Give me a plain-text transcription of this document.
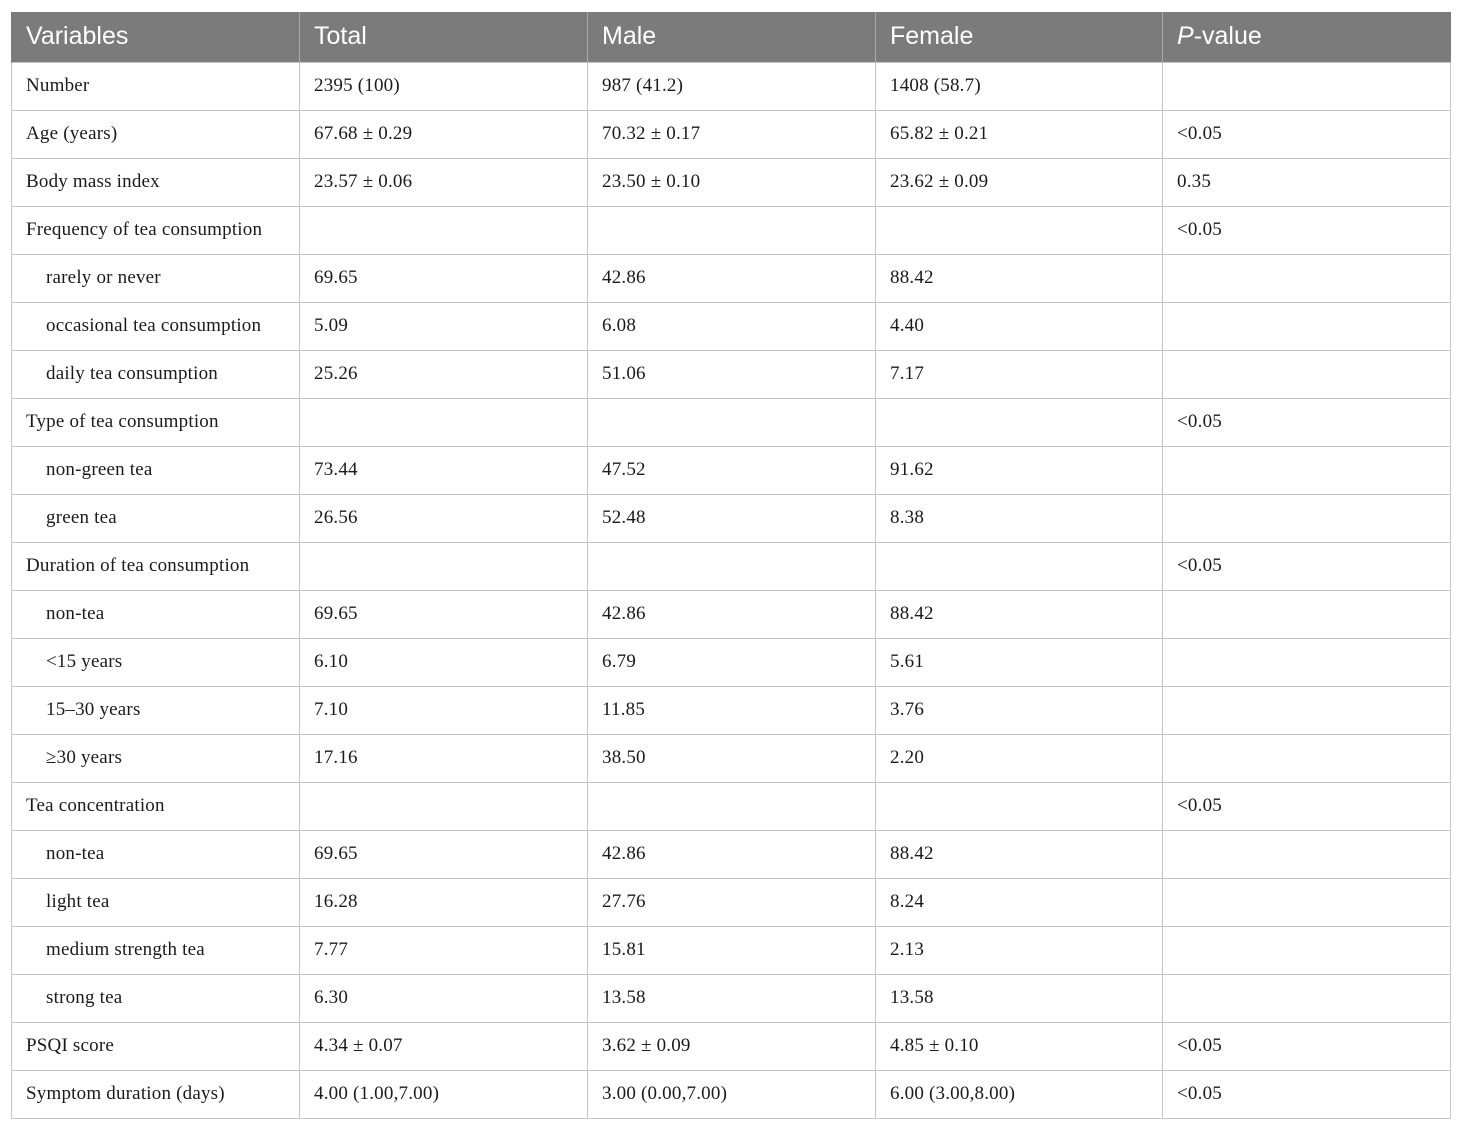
Variables	Total	Male	Female	P-value
Number	2395 (100)	987 (41.2)	1408 (58.7)	
Age (years)	67.68 ± 0.29	70.32 ± 0.17	65.82 ± 0.21	<0.05
Body mass index	23.57 ± 0.06	23.50 ± 0.10	23.62 ± 0.09	0.35
Frequency of tea consumption				<0.05
rarely or never	69.65	42.86	88.42	
occasional tea consumption	5.09	6.08	4.40	
daily tea consumption	25.26	51.06	7.17	
Type of tea consumption				<0.05
non-green tea	73.44	47.52	91.62	
green tea	26.56	52.48	8.38	
Duration of tea consumption				<0.05
non-tea	69.65	42.86	88.42	
<15 years	6.10	6.79	5.61	
15–30 years	7.10	11.85	3.76	
≥30 years	17.16	38.50	2.20	
Tea concentration				<0.05
non-tea	69.65	42.86	88.42	
light tea	16.28	27.76	8.24	
medium strength tea	7.77	15.81	2.13	
strong tea	6.30	13.58	13.58	
PSQI score	4.34 ± 0.07	3.62 ± 0.09	4.85 ± 0.10	<0.05
Symptom duration (days)	4.00 (1.00,7.00)	3.00 (0.00,7.00)	6.00 (3.00,8.00)	<0.05
